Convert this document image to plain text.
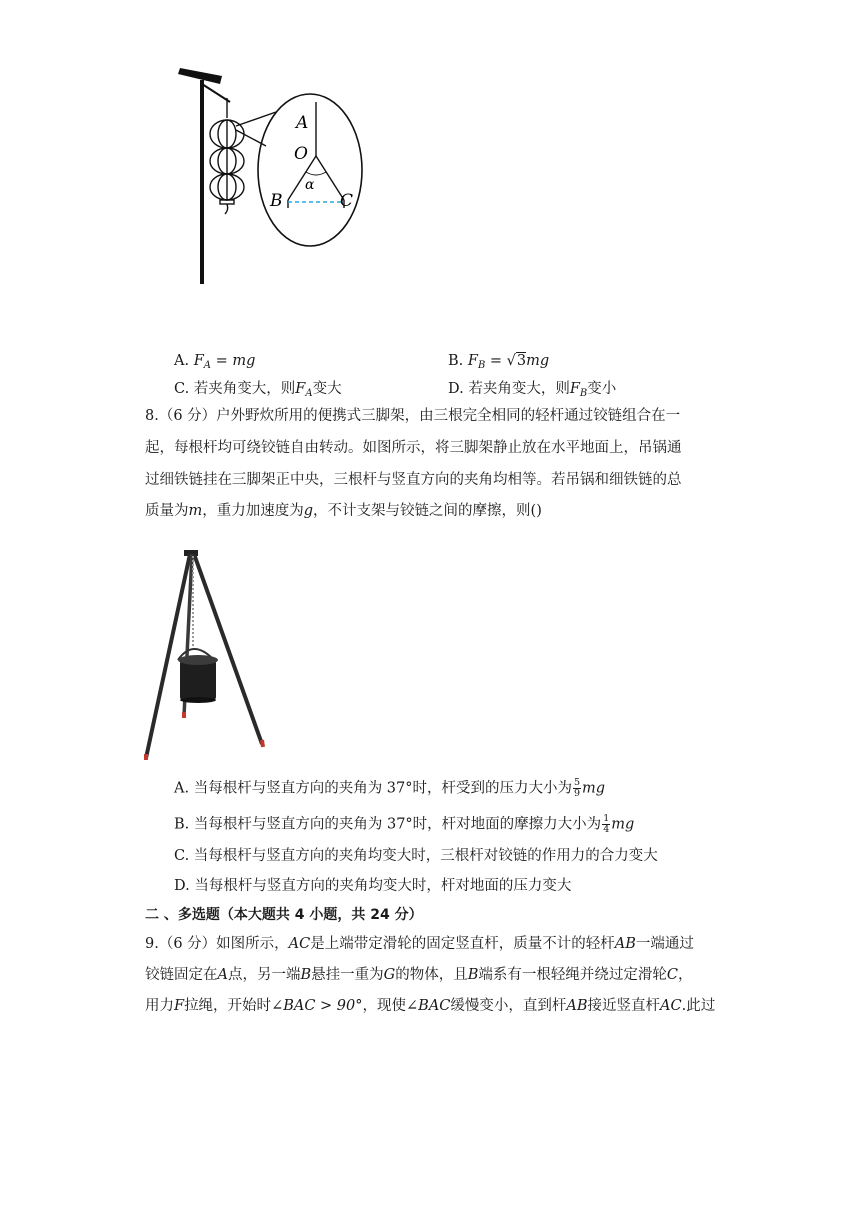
A
O
α
B	C
A. $F_A$ = mg	B. $F_B = √3mg$
C. 若夹角变大，则$F_A$变大	D. 若夹角变大，则$F_B$变小
8.（6 分）户外野炊所用的便携式三脚架，由三根完全相同的轻杆通过铰链组合在一
起，每根杆均可绕铰链自由转动。如图所示，将三脚架静止放在水平地面上，吊锅通
过细铁链挂在三脚架正中央，三根杆与竖直方向的夹角均相等。若吊锅和细铁链的总
质量为m，重力加速度为g，不计支架与铰链之间的摩擦，则()
A. 当每根杆与竖直方向的夹角为 37°时，杆受到的压力大小为 $\frac{5}{9}$ mg
B. 当每根杆与竖直方向的夹角为 37°时，杆对地面的摩擦力大小为 $\frac{1}{4}$ mg
C. 当每根杆与竖直方向的夹角均变大时，三根杆对铰链的作用力的合力变大
D. 当每根杆与竖直方向的夹角均变大时，杆对地面的压力变大
二 、多选题（本大题共 4 小题，共 24 分）
9.（6 分）如图所示，AC是上端带定滑轮的固定竖直杆，质量不计的轻杆AB一端通过
铰链固定在A点，另一端B悬挂一重为G的物体，且B端系有一根轻绳并绕过定滑轮C，
用力F拉绳，开始时∠BAC > 90°，现使∠BAC缓慢变小，直到杆AB接近竖直杆AC.此过
